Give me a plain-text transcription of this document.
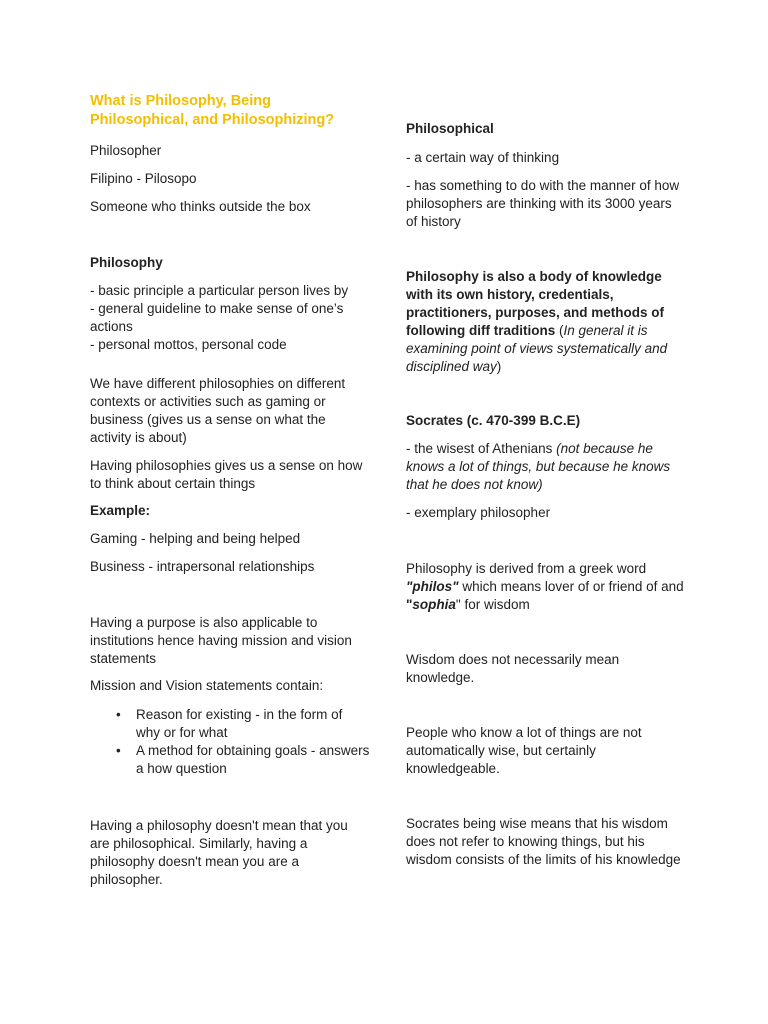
What is Philosophy, Being Philosophical, and Philosophizing?

Philosopher

Filipino - Pilosopo

Someone who thinks outside the box

Philosophy

- basic principle a particular person lives by

- general guideline to make sense of one’s actions

- personal mottos, personal code

We have different philosophies on different contexts or activities such as gaming or business (gives us a sense on what the activity is about)

Having philosophies gives us a sense on how to think about certain things

Example:

Gaming - helping and being helped

Business - intrapersonal relationships

Having a purpose is also applicable to institutions hence having mission and vision statements

Mission and Vision statements contain:

• Reason for existing - in the form of why or for what
• A method for obtaining goals - answers a how question

Having a philosophy doesn't mean that you are philosophical. Similarly, having a philosophy doesn't mean you are a philosopher.

Philosophical

- a certain way of thinking

- has something to do with the manner of how philosophers are thinking with its 3000 years of history

Philosophy is also a body of knowledge with its own history, credentials, practitioners, purposes, and methods of following diff traditions (In general it is examining point of views systematically and disciplined way)

Socrates (c. 470-399 B.C.E)

- the wisest of Athenians (not because he knows a lot of things, but because he knows that he does not know)

- exemplary philosopher

Philosophy is derived from a greek word "philos" which means lover of or friend of and "sophia" for wisdom

Wisdom does not necessarily mean knowledge.

People who know a lot of things are not automatically wise, but certainly knowledgeable.

Socrates being wise means that his wisdom does not refer to knowing things, but his wisdom consists of the limits of his knowledge
